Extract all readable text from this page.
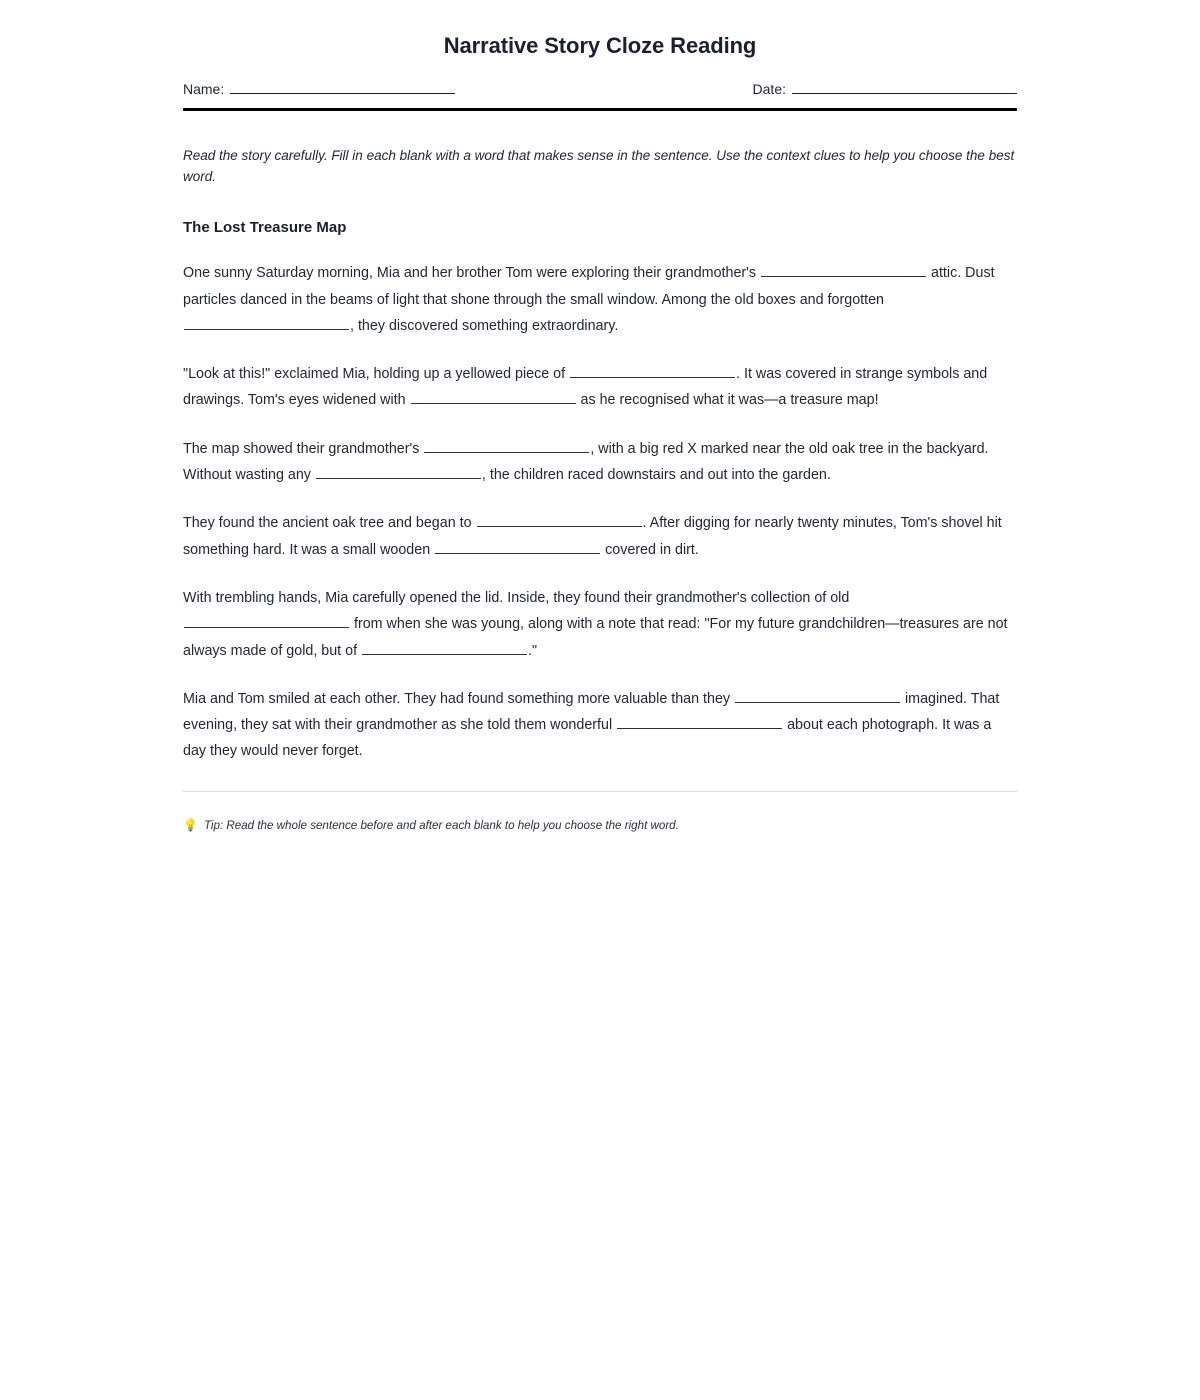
Narrative Story Cloze Reading
Name:	Date:

Read the story carefully. Fill in each blank with a word that makes sense in the sentence. Use the context clues to help you choose the best word.

The Lost Treasure Map

One sunny Saturday morning, Mia and her brother Tom were exploring their grandmother's	attic. Dust particles danced in the beams of light that shone through the small window. Among the old boxes and forgotten , they discovered something extraordinary.

"Look at this!" exclaimed Mia, holding up a yellowed piece of	. It was covered in strange symbols and drawings. Tom's eyes widened with	as he recognised what it was—a treasure map!

The map showed their grandmother's	, with a big red X marked near the old oak tree in the backyard. Without wasting any	, the children raced downstairs and out into the garden.

They found the ancient oak tree and began to	. After digging for nearly twenty minutes, Tom's shovel hit something hard. It was a small wooden	covered in dirt.

With trembling hands, Mia carefully opened the lid. Inside, they found their grandmother's collection of old  from when she was young, along with a note that read: "For my future grandchildren—treasures are not always made of gold, but of	."

Mia and Tom smiled at each other. They had found something more valuable than they	imagined. That evening, they sat with their grandmother as she told them wonderful	about each photograph. It was a day they would never forget.

💡 Tip: Read the whole sentence before and after each blank to help you choose the right word.
